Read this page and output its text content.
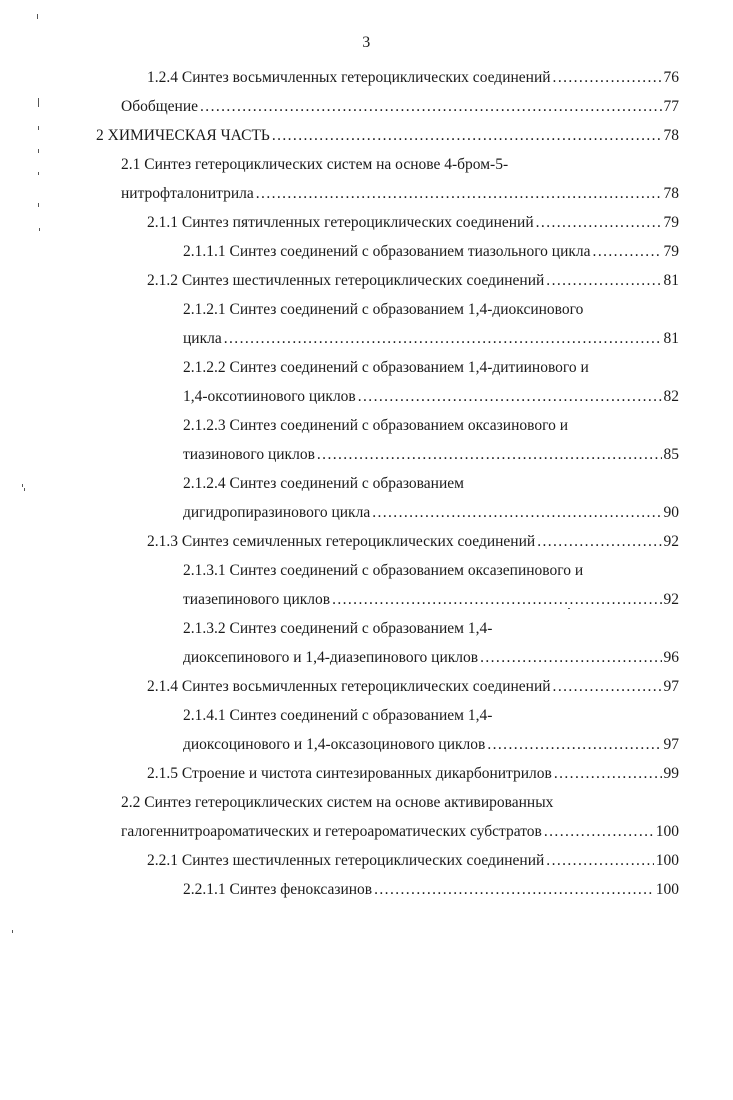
3
1.2.4 Синтез восьмичленных гетероциклических соединений .....	76
Обобщение .....	77
2 ХИМИЧЕСКАЯ ЧАСТЬ .....	78
2.1 Синтез гетероциклических систем на основе 4-бром-5-
нитрофталонитрила .....	78
2.1.1 Синтез пятичленных гетероциклических соединений .....	79
2.1.1.1 Синтез соединений с образованием тиазольного цикла .....	79
2.1.2 Синтез шестичленных гетероциклических соединений .....	81
2.1.2.1 Синтез соединений с образованием 1,4-диоксинового
цикла .....	81
2.1.2.2 Синтез соединений с образованием 1,4-дитиинового и
1,4-оксотиинового циклов .....	82
2.1.2.3 Синтез соединений с образованием оксазинового и
тиазинового циклов .....	85
2.1.2.4 Синтез соединений с образованием
дигидропиразинового цикла .....	90
2.1.3 Синтез семичленных гетероциклических соединений .....	92
2.1.3.1 Синтез соединений с образованием оксазепинового и
тиазепинового циклов .....	92
2.1.3.2 Синтез соединений с образованием 1,4-
диоксепинового и 1,4-диазепинового циклов .....	96
2.1.4 Синтез восьмичленных гетероциклических соединений .....	97
2.1.4.1 Синтез соединений с образованием 1,4-
диоксоцинового и 1,4-оксазоцинового циклов .....	97
2.1.5 Строение и чистота синтезированных дикарбонитрилов .....	99
2.2 Синтез гетероциклических систем на основе активированных
галогеннитроароматических и гетероароматических субстратов .....	100
2.2.1 Синтез шестичленных гетероциклических соединений .....	100
2.2.1.1 Синтез феноксазинов .....	100
